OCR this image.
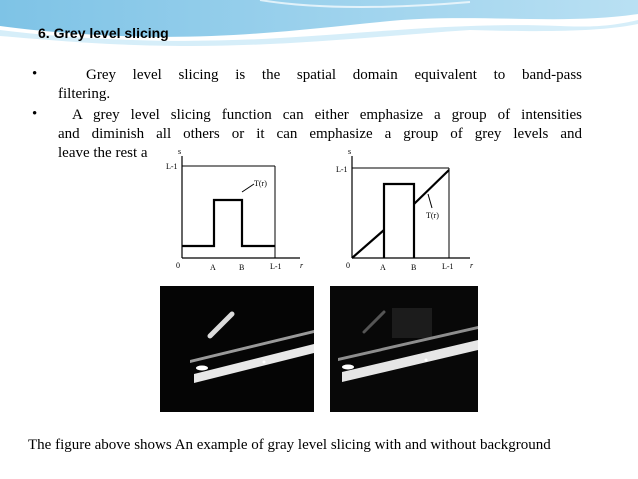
6. Grey level slicing
•	Grey level slicing is the spatial domain equivalent to band-pass
filtering.
•	A grey level slicing function can either emphasize a group of intensities
and diminish all others or it can emphasize a group of grey levels and
leave the rest a	s
L-1
T(r)
0	A	B	L-1 r
s
L-1
T(r)
0	A	B	L-1 r
The figure above shows An example of gray level slicing with and without background
